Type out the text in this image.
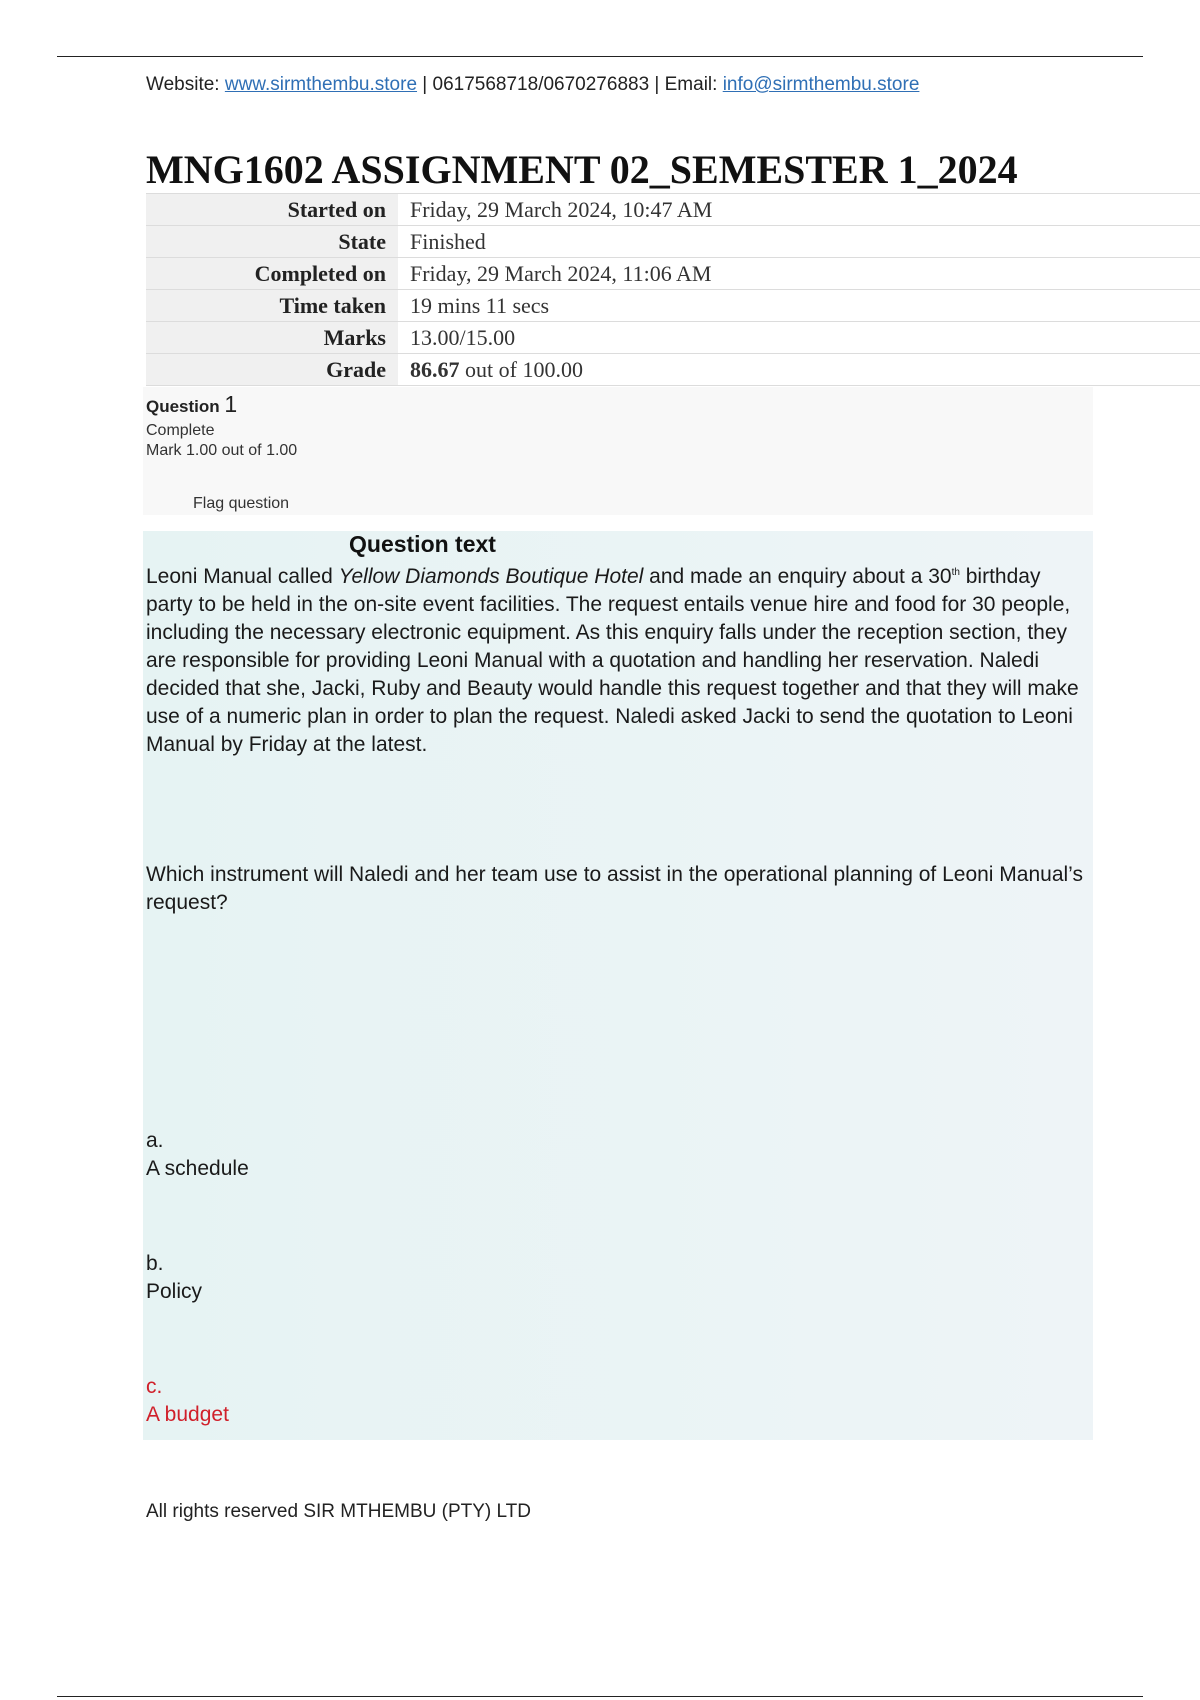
Website: www.sirmthembu.store | 0617568718/0670276883 | Email: info@sirmthembu.store
MNG1602 ASSIGNMENT 02_SEMESTER 1_2024
Started on	Friday, 29 March 2024, 10:47 AM
State	Finished
Completed on	Friday, 29 March 2024, 11:06 AM
Time taken	19 mins 11 secs
Marks	13.00/15.00
Grade	86.67 out of 100.00
Question 1
Complete
Mark 1.00 out of 1.00
Flag question
Question text

Leoni Manual called Yellow Diamonds Boutique Hotel and made an enquiry about a 30th birthday party to be held in the on-site event facilities. The request entails venue hire and food for 30 people, including the necessary electronic equipment. As this enquiry falls under the reception section, they are responsible for providing Leoni Manual with a quotation and handling her reservation. Naledi decided that she, Jacki, Ruby and Beauty would handle this request together and that they will make use of a numeric plan in order to plan the request. Naledi asked Jacki to send the quotation to Leoni Manual by Friday at the latest.

Which instrument will Naledi and her team use to assist in the operational planning of Leoni Manual’s request?

a.
A schedule
b.
Policy
c.
A budget
All rights reserved SIR MTHEMBU (PTY) LTD
